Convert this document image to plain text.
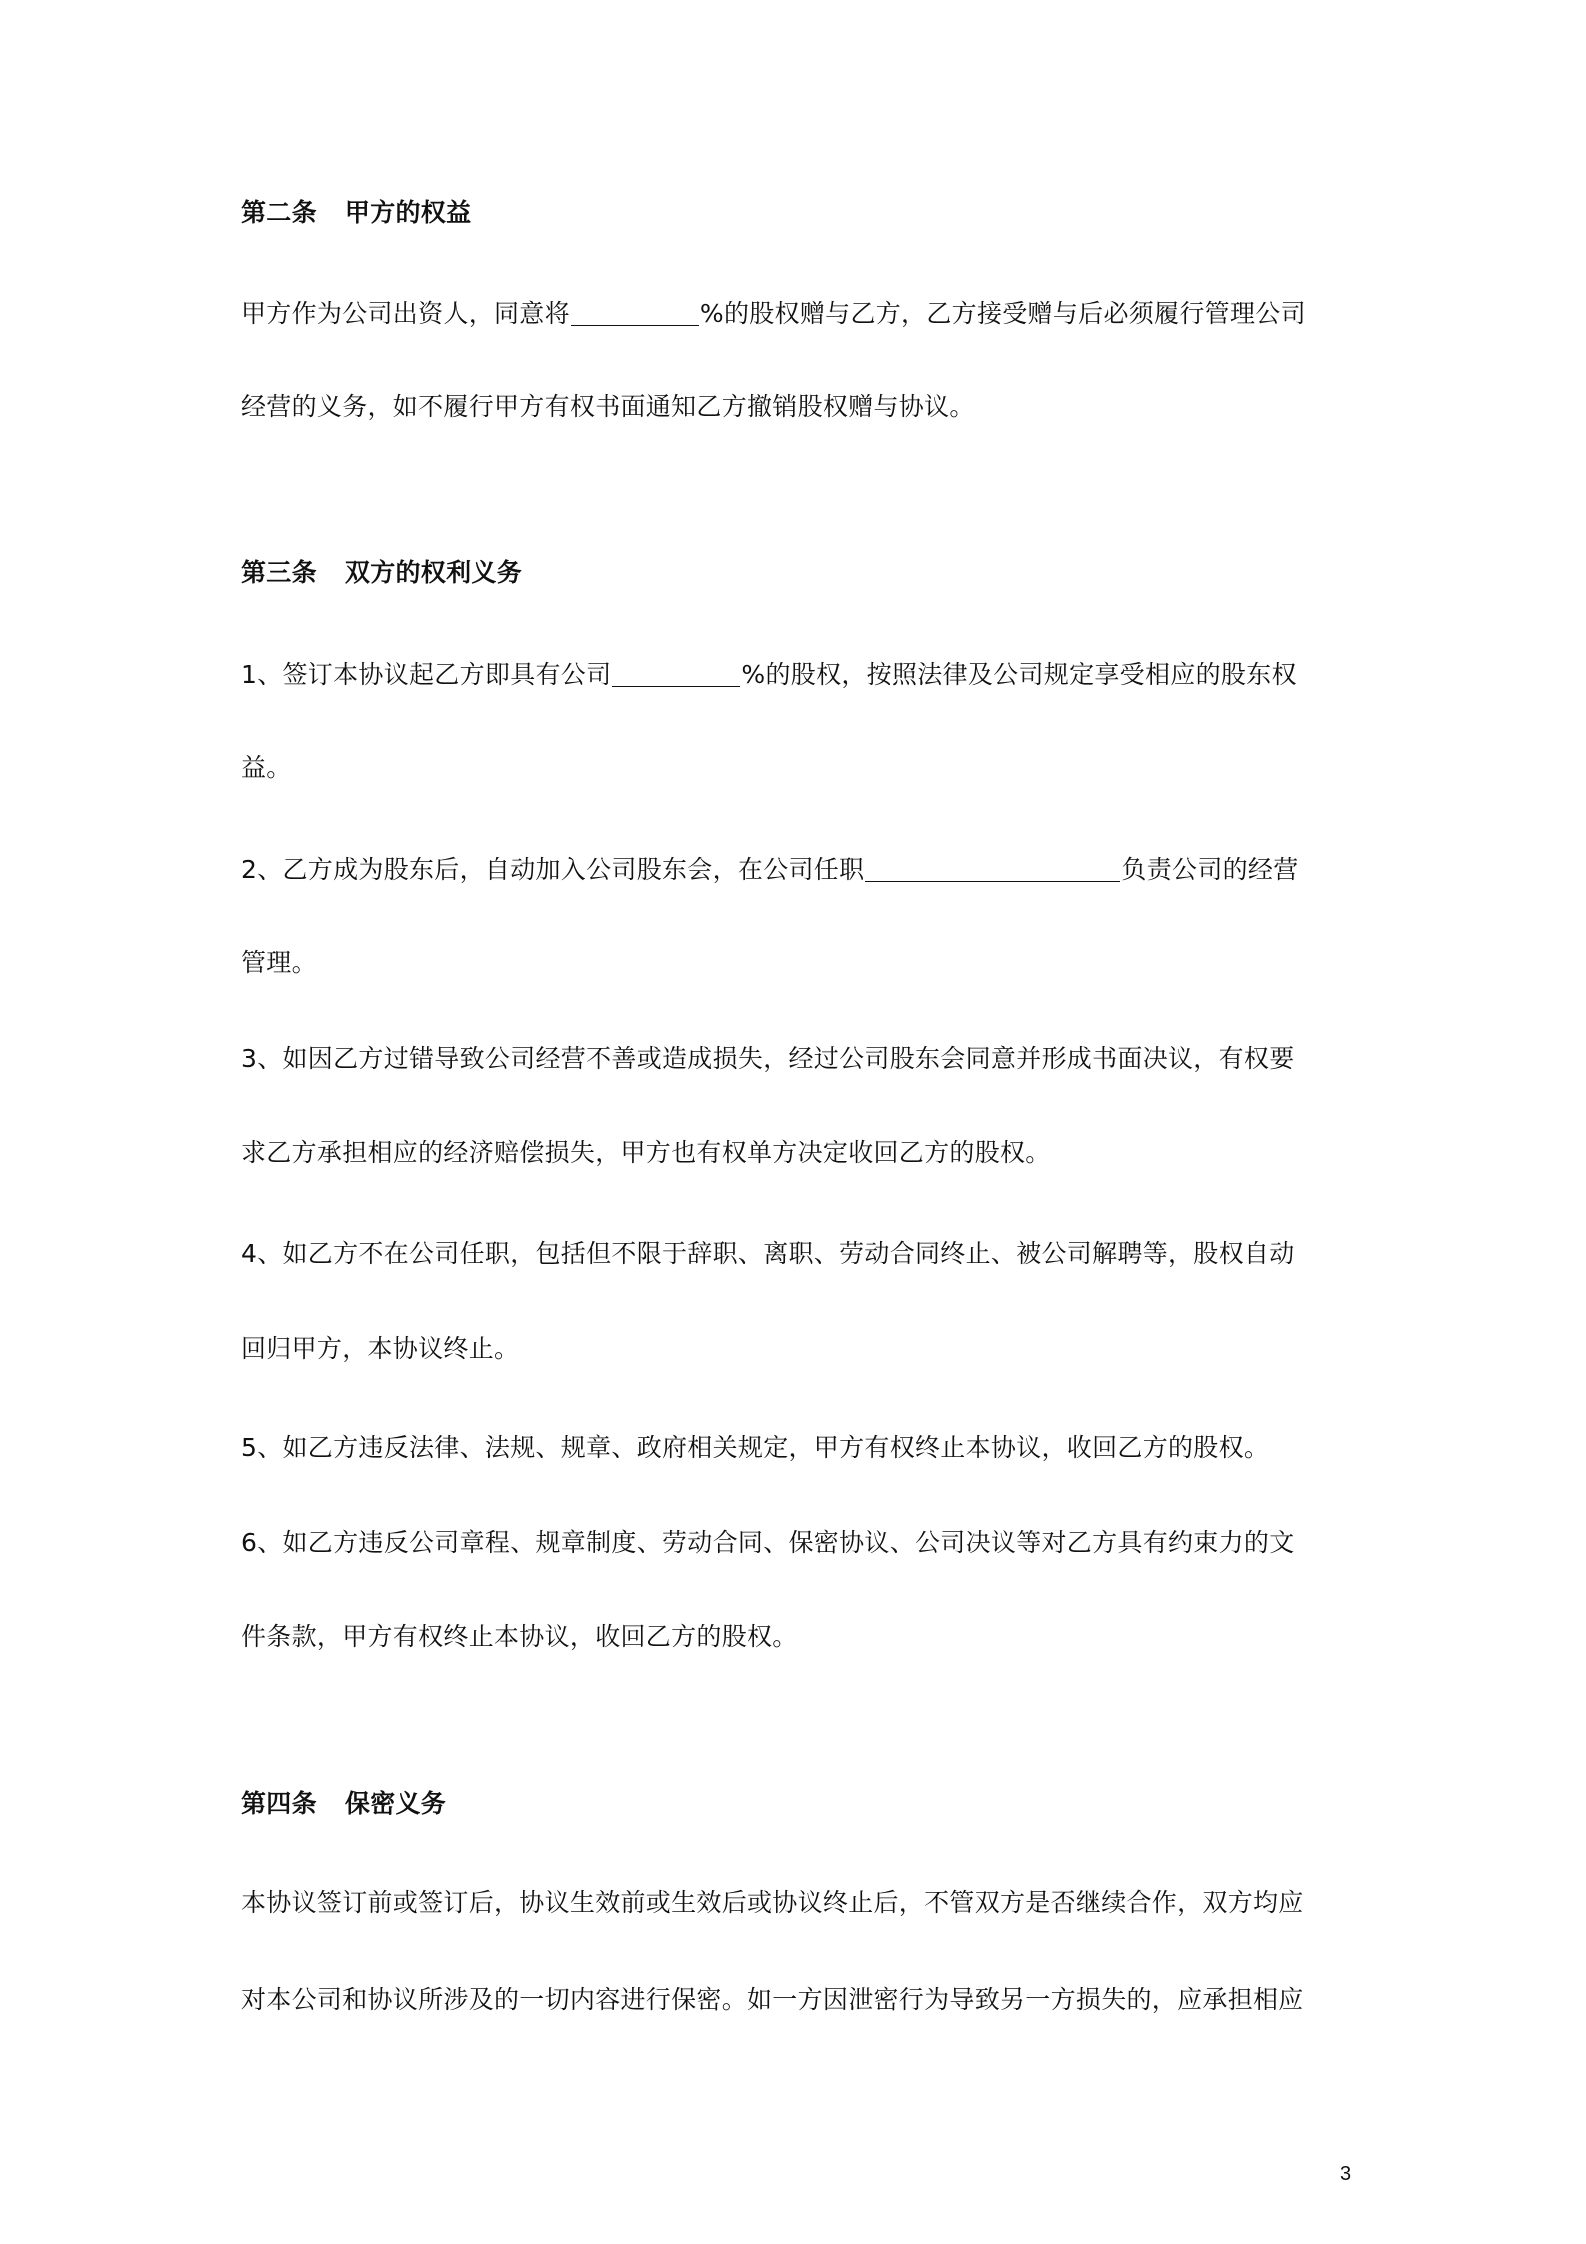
第二条 甲方的权益
甲方作为公司出资人，同意将	%的股权赠与乙方，乙方接受赠与后必须履行管理公司
经营的义务，如不履行甲方有权书面通知乙方撤销股权赠与协议。
第三条 双方的权利义务
1、签订本协议起乙方即具有公司	%的股权，按照法律及公司规定享受相应的股东权
益。
2、乙方成为股东后，自动加入公司股东会，在公司任职	负责公司的经营
管理。
3、如因乙方过错导致公司经营不善或造成损失，经过公司股东会同意并形成书面决议，有权要
求乙方承担相应的经济赔偿损失，甲方也有权单方决定收回乙方的股权。
4、如乙方不在公司任职，包括但不限于辞职、离职、劳动合同终止、被公司解聘等，股权自动
回归甲方，本协议终止。
5、如乙方违反法律、法规、规章、政府相关规定，甲方有权终止本协议，收回乙方的股权。
6、如乙方违反公司章程、规章制度、劳动合同、保密协议、公司决议等对乙方具有约束力的文
件条款，甲方有权终止本协议，收回乙方的股权。
第四条 保密义务
本协议签订前或签订后，协议生效前或生效后或协议终止后，不管双方是否继续合作，双方均应
对本公司和协议所涉及的一切内容进行保密。如一方因泄密行为导致另一方损失的，应承担相应
3
